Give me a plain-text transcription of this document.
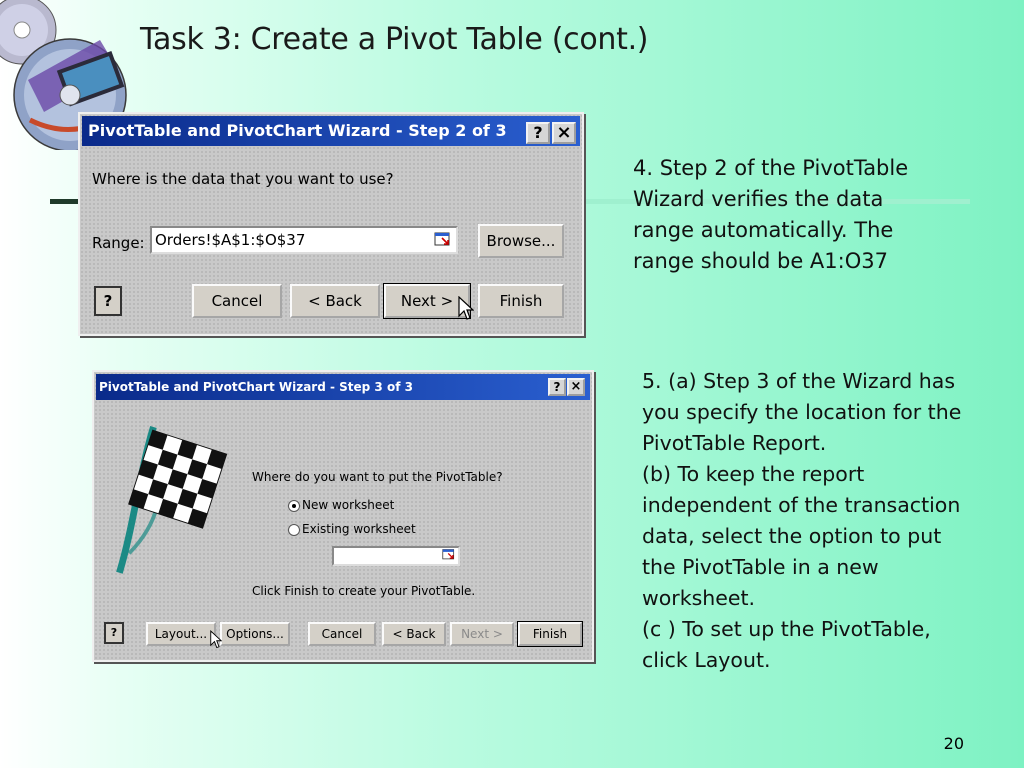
Task 3: Create a Pivot Table (cont.)
4. Step 2 of the PivotTable
Wizard verifies the data
range automatically. The
range should be A1:O37
5. (a) Step 3 of the Wizard has
you specify the location for the
PivotTable Report.
(b) To keep the report
independent of the transaction
data, select the option to put
the PivotTable in a new
worksheet.
(c ) To set up the PivotTable,
click Layout.
20
PivotTable and PivotChart Wizard - Step 2 of 3	? ×
Where is the data that you want to use?
Range: Orders!$A$1:$O$37	Browse...
?	Cancel	< Back	Next >	Finish
PivotTable and PivotChart Wizard - Step 3 of 3	? ×
Where do you want to put the PivotTable?
New worksheet
Existing worksheet
Click Finish to create your PivotTable.
?	Layout...	Options...	Cancel	< Back	Next >	Finish
